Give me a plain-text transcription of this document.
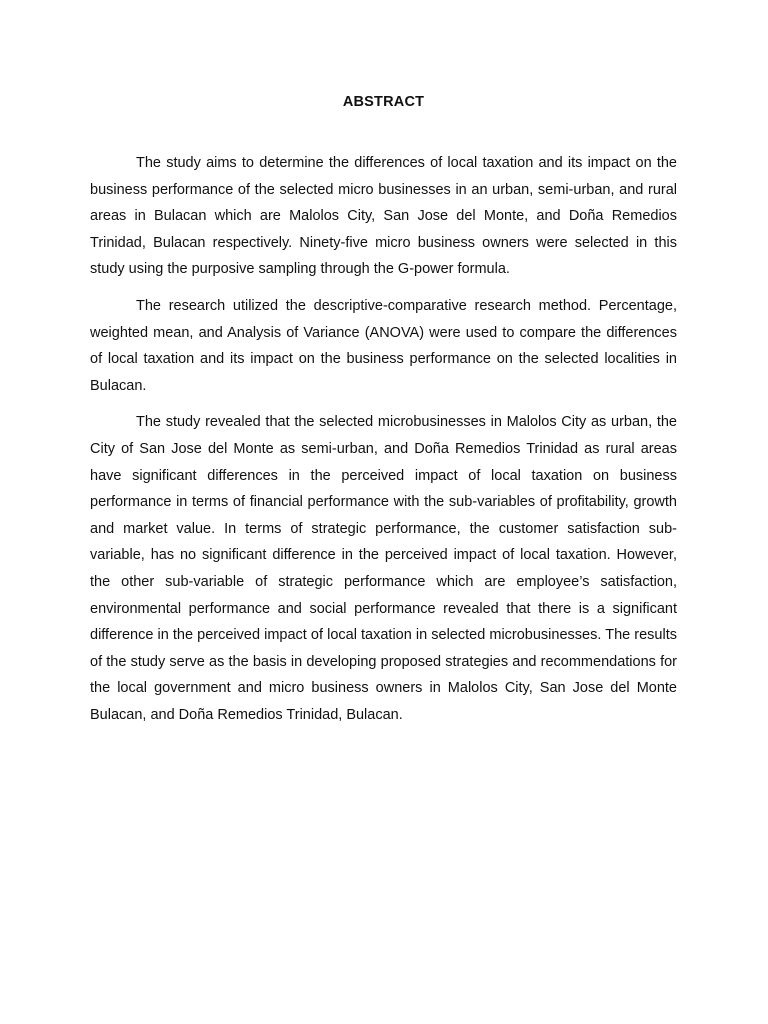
ABSTRACT

The study aims to determine the differences of local taxation and its impact on the business performance of the selected micro businesses in an urban, semi-urban, and rural areas in Bulacan which are Malolos City, San Jose del Monte, and Doña Remedios Trinidad, Bulacan respectively. Ninety-five micro business owners were selected in this study using the purposive sampling through the G-power formula.

The research utilized the descriptive-comparative research method. Percentage, weighted mean, and Analysis of Variance (ANOVA) were used to compare the differences of local taxation and its impact on the business performance on the selected localities in Bulacan.

The study revealed that the selected microbusinesses in Malolos City as urban, the City of San Jose del Monte as semi-urban, and Doña Remedios Trinidad as rural areas have significant differences in the perceived impact of local taxation on business performance in terms of financial performance with the sub-variables of profitability, growth and market value. In terms of strategic performance, the customer satisfaction sub-variable, has no significant difference in the perceived impact of local taxation. However, the other sub-variable of strategic performance which are employee’s satisfaction, environmental performance and social performance revealed that there is a significant difference in the perceived impact of local taxation in selected microbusinesses. The results of the study serve as the basis in developing proposed strategies and recommendations for the local government and micro business owners in Malolos City, San Jose del Monte Bulacan, and Doña Remedios Trinidad, Bulacan.
